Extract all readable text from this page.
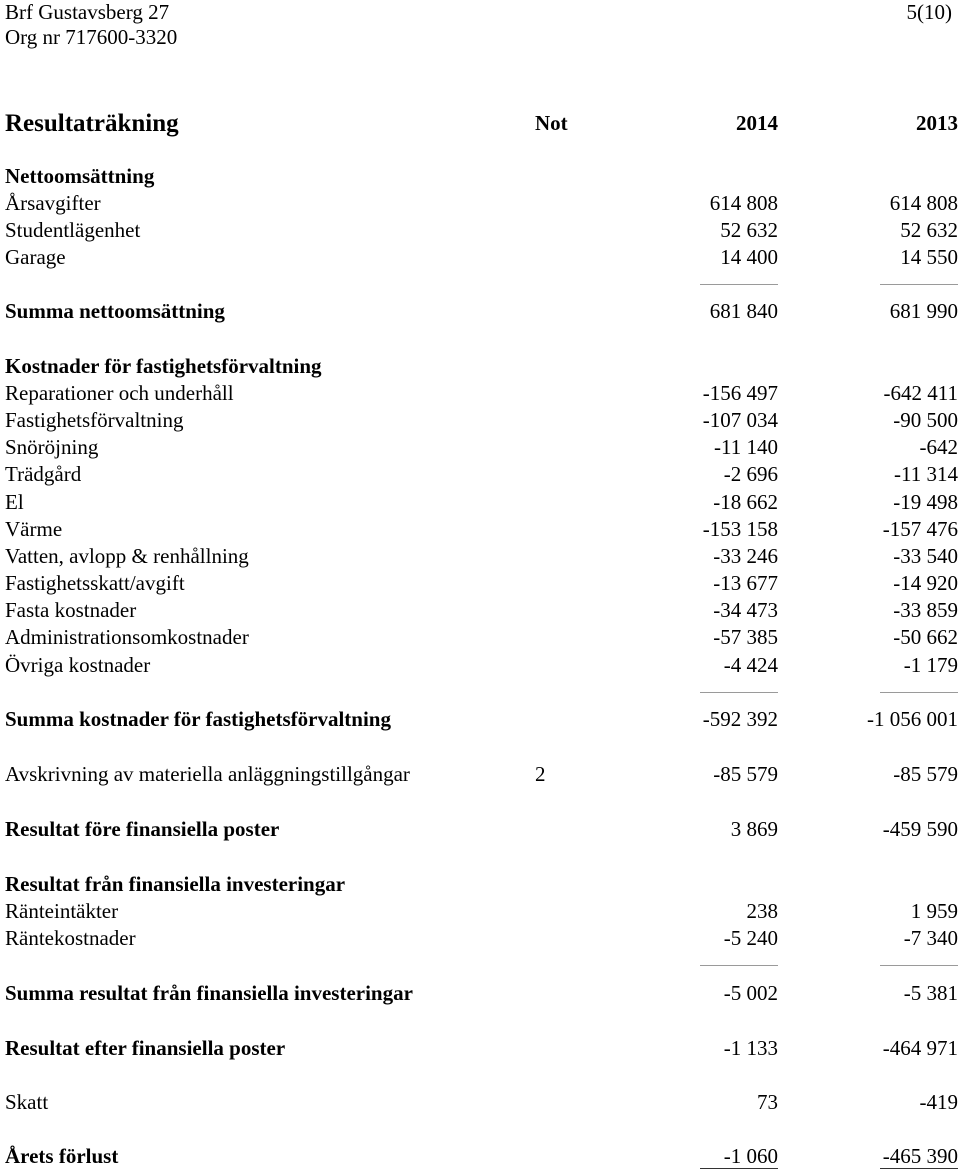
Brf Gustavsberg 27
Org nr 717600-3320
5(10)
Resultaträkning	Not	2014	2013
Nettoomsättning
Årsavgifter	614 808	614 808
Studentlägenhet	52 632	52 632
Garage	14 400	14 550
Summa nettoomsättning	681 840	681 990
Kostnader för fastighetsförvaltning
Reparationer och underhåll	-156 497	-642 411
Fastighetsförvaltning	-107 034	-90 500
Snöröjning	-11 140	-642
Trädgård	-2 696	-11 314
El	-18 662	-19 498
Värme	-153 158	-157 476
Vatten, avlopp & renhållning	-33 246	-33 540
Fastighetsskatt/avgift	-13 677	-14 920
Fasta kostnader	-34 473	-33 859
Administrationsomkostnader	-57 385	-50 662
Övriga kostnader	-4 424	-1 179
Summa kostnader för fastighetsförvaltning	-592 392	-1 056 001
Avskrivning av materiella anläggningstillgångar	2	-85 579	-85 579
Resultat före finansiella poster	3 869	-459 590
Resultat från finansiella investeringar
Ränteintäkter	238	1 959
Räntekostnader	-5 240	-7 340
Summa resultat från finansiella investeringar	-5 002	-5 381
Resultat efter finansiella poster	-1 133	-464 971
Skatt	73	-419
Årets förlust	-1 060	-465 390
